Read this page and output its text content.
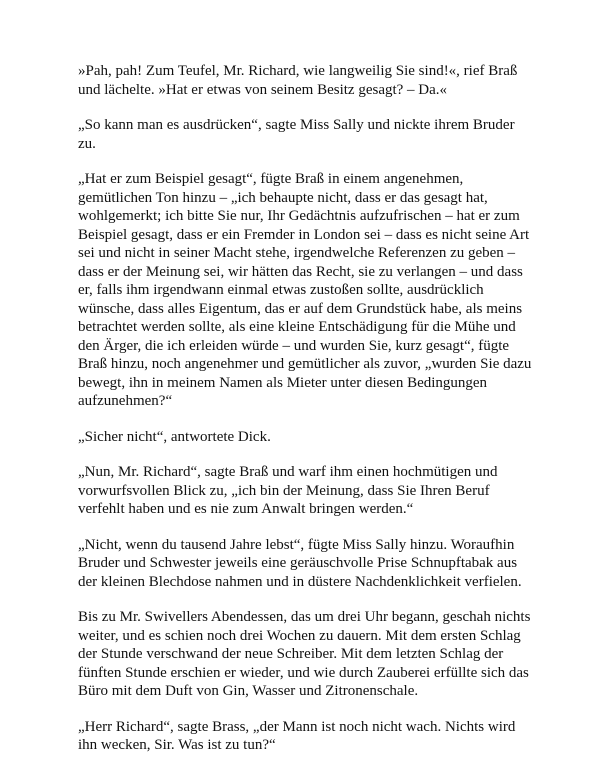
»Pah, pah! Zum Teufel, Mr. Richard, wie langweilig Sie sind!«, rief Braß und lächelte. »Hat er etwas von seinem Besitz gesagt? – Da.«

„So kann man es ausdrücken“, sagte Miss Sally und nickte ihrem Bruder zu.

„Hat er zum Beispiel gesagt“, fügte Braß in einem angenehmen, gemütlichen Ton hinzu – „ich behaupte nicht, dass er das gesagt hat, wohlgemerkt; ich bitte Sie nur, Ihr Gedächtnis aufzufrischen – hat er zum Beispiel gesagt, dass er ein Fremder in London sei – dass es nicht seine Art sei und nicht in seiner Macht stehe, irgendwelche Referenzen zu geben – dass er der Meinung sei, wir hätten das Recht, sie zu verlangen – und dass er, falls ihm irgendwann einmal etwas zustoßen sollte, ausdrücklich wünsche, dass alles Eigentum, das er auf dem Grundstück habe, als meins betrachtet werden sollte, als eine kleine Entschädigung für die Mühe und den Ärger, die ich erleiden würde – und wurden Sie, kurz gesagt“, fügte Braß hinzu, noch angenehmer und gemütlicher als zuvor, „wurden Sie dazu bewegt, ihn in meinem Namen als Mieter unter diesen Bedingungen aufzunehmen?“

„Sicher nicht“, antwortete Dick.

„Nun, Mr. Richard“, sagte Braß und warf ihm einen hochmütigen und vorwurfsvollen Blick zu, „ich bin der Meinung, dass Sie Ihren Beruf verfehlt haben und es nie zum Anwalt bringen werden.“

„Nicht, wenn du tausend Jahre lebst“, fügte Miss Sally hinzu. Woraufhin Bruder und Schwester jeweils eine geräuschvolle Prise Schnupftabak aus der kleinen Blechdose nahmen und in düstere Nachdenklichkeit verfielen.

Bis zu Mr. Swivellers Abendessen, das um drei Uhr begann, geschah nichts weiter, und es schien noch drei Wochen zu dauern. Mit dem ersten Schlag der Stunde verschwand der neue Schreiber. Mit dem letzten Schlag der fünften Stunde erschien er wieder, und wie durch Zauberei erfüllte sich das Büro mit dem Duft von Gin, Wasser und Zitronenschale.

„Herr Richard“, sagte Brass, „der Mann ist noch nicht wach. Nichts wird ihn wecken, Sir. Was ist zu tun?“
